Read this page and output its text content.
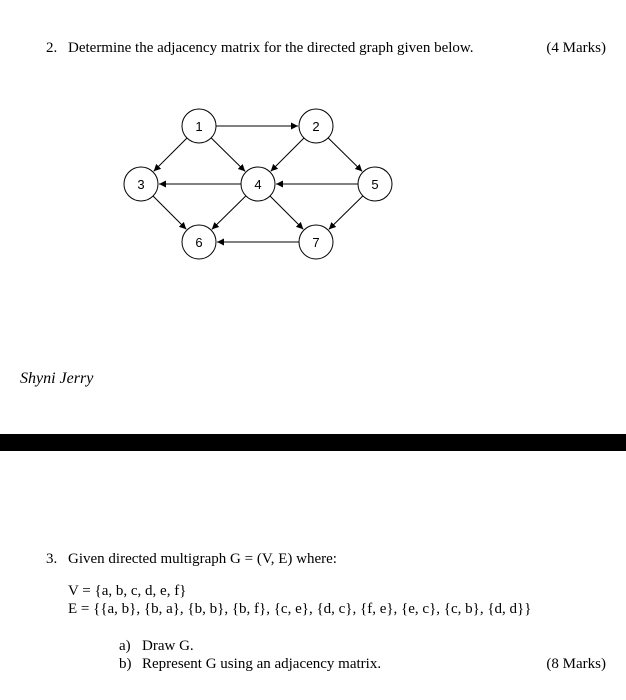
2. Determine the adjacency matrix for the directed graph given below.	(4 Marks)
1	2
3	4	5
6	7
Shyni Jerry
3. Given directed multigraph G = (V, E) where:
V = {a, b, c, d, e, f}
E = {{a, b}, {b, a}, {b, b}, {b, f}, {c, e}, {d, c}, {f, e}, {e, c}, {c, b}, {d, d}}
a) Draw G.
b) Represent G using an adjacency matrix.	(8 Marks)
